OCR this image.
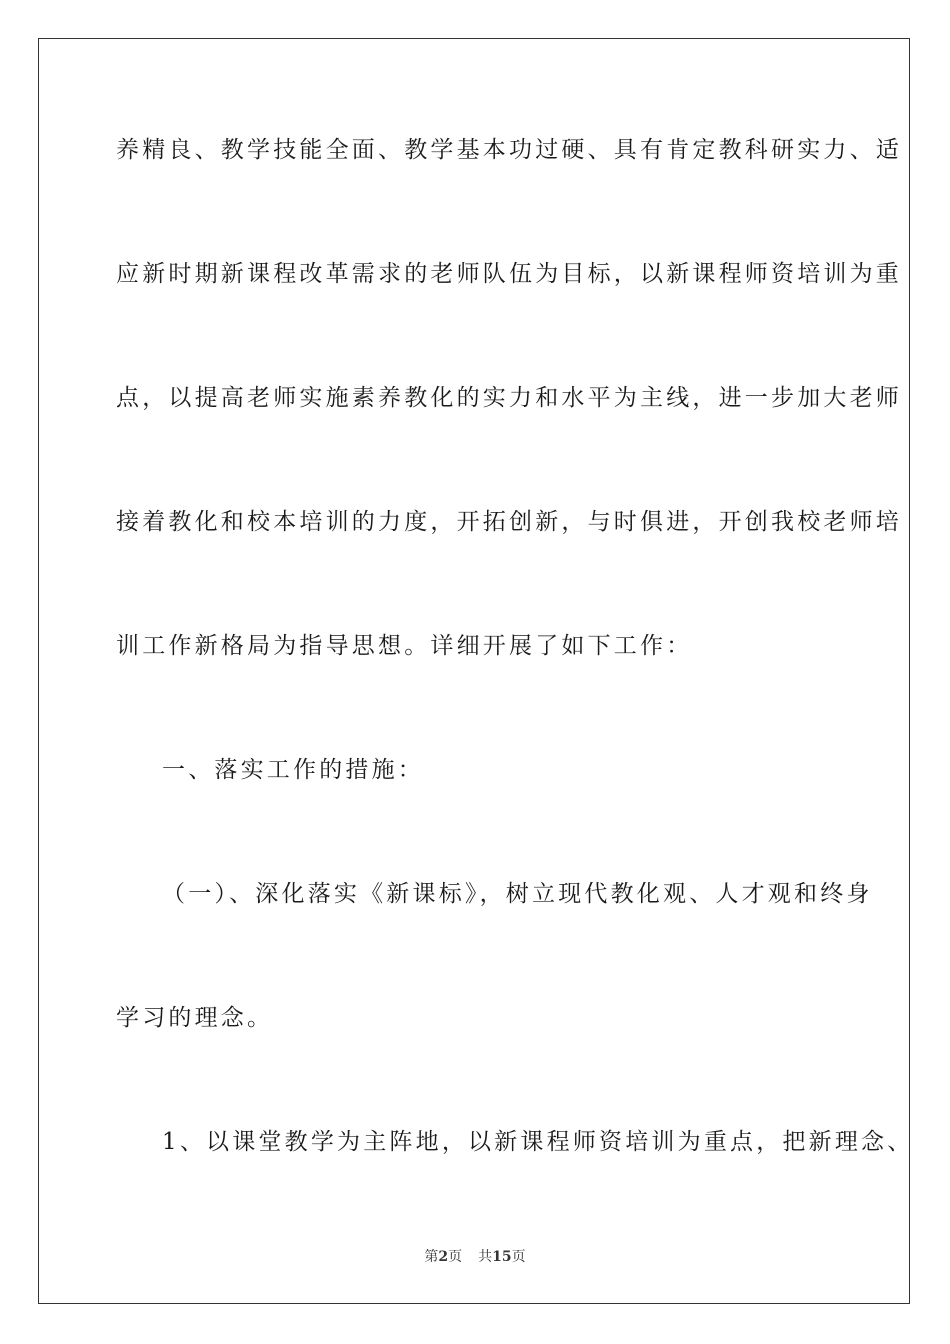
养精良、教学技能全面、教学基本功过硬、具有肯定教科研实力、适
应新时期新课程改革需求的老师队伍为目标，以新课程师资培训为重
点，以提高老师实施素养教化的实力和水平为主线，进一步加大老师
接着教化和校本培训的力度，开拓创新，与时俱进，开创我校老师培
训工作新格局为指导思想。详细开展了如下工作：
一、落实工作的措施：
（一）、深化落实《新课标》，树立现代教化观、人才观和终身
学习的理念。
1、以课堂教学为主阵地，以新课程师资培训为重点，把新理念、
第2页 共15页
